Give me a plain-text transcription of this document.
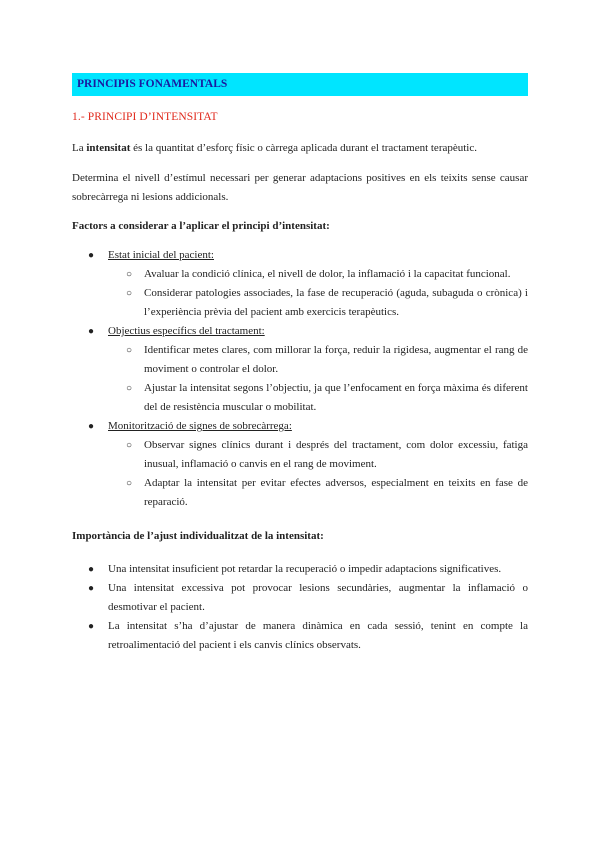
PRINCIPIS FONAMENTALS
1.- PRINCIPI D’INTENSITAT

La intensitat és la quantitat d’esforç físic o càrrega aplicada durant el tractament terapèutic.

Determina el nivell d’estímul necessari per generar adaptacions positives en els teixits sense causar sobrecàrrega ni lesions addicionals.

Factors a considerar a l’aplicar el principi d’intensitat:
● Estat inicial del pacient:
○ Avaluar la condició clínica, el nivell de dolor, la inflamació i la capacitat funcional.
○ Considerar patologies associades, la fase de recuperació (aguda, subaguda o crònica) i l’experiència prèvia del pacient amb exercicis terapèutics.
● Objectius específics del tractament:
○ Identificar metes clares, com millorar la força, reduir la rigidesa, augmentar el rang de moviment o controlar el dolor.
○ Ajustar la intensitat segons l’objectiu, ja que l’enfocament en força màxima és diferent del de resistència muscular o mobilitat.
● Monitorització de signes de sobrecàrrega:
○ Observar signes clínics durant i després del tractament, com dolor excessiu, fatiga inusual, inflamació o canvis en el rang de moviment.
○ Adaptar la intensitat per evitar efectes adversos, especialment en teixits en fase de reparació.
Importància de l’ajust individualitzat de la intensitat:
● Una intensitat insuficient pot retardar la recuperació o impedir adaptacions significatives.
● Una intensitat excessiva pot provocar lesions secundàries, augmentar la inflamació o desmotivar el pacient.
● La intensitat s’ha d’ajustar de manera dinàmica en cada sessió, tenint en compte la retroalimentació del pacient i els canvis clínics observats.
